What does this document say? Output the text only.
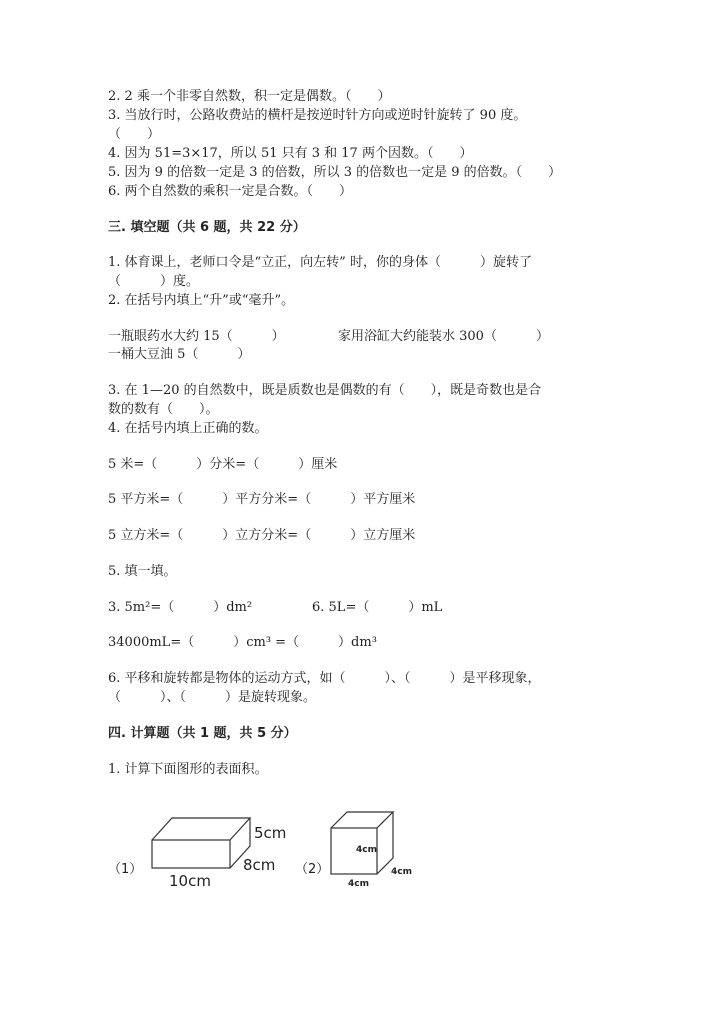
2. 2 乘一个非零自然数，积一定是偶数。（　　）
3. 当放行时，公路收费站的横杆是按逆时针方向或逆时针旋转了 90 度。
（　　）
4. 因为 51=3×17，所以 51 只有 3 和 17 两个因数。（　　）
5. 因为 9 的倍数一定是 3 的倍数，所以 3 的倍数也一定是 9 的倍数。（　　）
6. 两个自然数的乘积一定是合数。（　　）
三. 填空题（共 6 题，共 22 分）
1. 体育课上，老师口令是“立正，向左转” 时，你的身体（　　　）旋转了
（　　　）度。
2. 在括号内填上“升”或“毫升”。
一瓶眼药水大约 15（　　　）	家用浴缸大约能装水 300（　　　）
一桶大豆油 5（　　　）
3. 在 1—20 的自然数中，既是质数也是偶数的有（　　），既是奇数也是合
数的数有（　　）。
4. 在括号内填上正确的数。
5 米=（　　　）分米=（　　　）厘米
5 平方米=（　　　）平方分米=（　　　）平方厘米
5 立方米=（　　　）立方分米=（　　　）立方厘米
5. 填一填。
3. 5m²=（　　　）dm²	6. 5L=（　　　）mL
34000mL=（　　　）cm³ =（　　　）dm³
6. 平移和旋转都是物体的运动方式，如（　　　）、（　　　）是平移现象，
（　　　）、（　　　）是旋转现象。
四. 计算题（共 1 题，共 5 分）
1. 计算下面图形的表面积。
（1）
5cm
8cm
10cm
（2）
4cm
4cm
4cm
